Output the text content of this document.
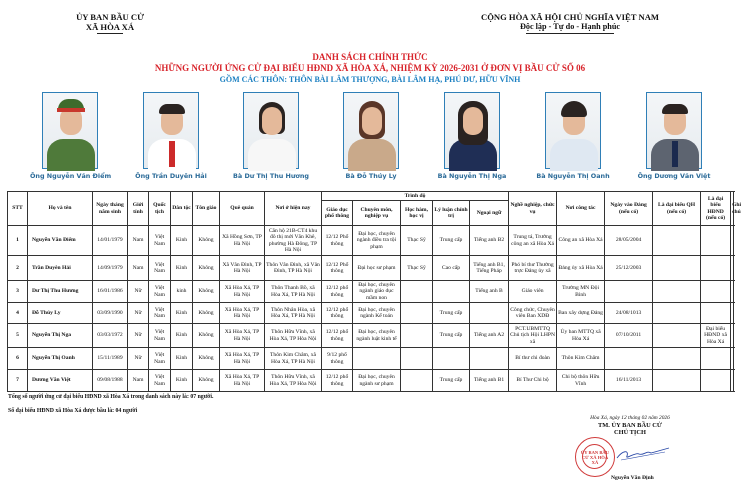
ỦY BAN BẦU CỬ
XÃ HÒA XÁ
CỘNG HÒA XÃ HỘI CHỦ NGHĨA VIỆT NAM
Độc lập - Tự do - Hạnh phúc
DANH SÁCH CHÍNH THỨC
NHỮNG NGƯỜI ỨNG CỬ ĐẠI BIỂU HĐND XÃ HÒA XÁ, NHIỆM KỲ 2026-2031 Ở ĐƠN VỊ BẦU CỬ SỐ 06
GỒM CÁC THÔN: THÔN BÀI LÂM THƯỢNG, BÀI LÂM HẠ, PHÚ DƯ, HỮU VĨNH
Ông Nguyễn Văn Điểm	Ông Trần Duyên Hải	Bà Dư Thị Thu Hương	Bà Đỗ Thúy Ly	Bà Nguyễn Thị Nga	Bà Nguyễn Thị Oanh	Ông Dương Văn Việt
STT	Họ và tên	Ngày tháng năm sinh	Giới tính	Quốc tịch	Dân tộc	Tôn giáo	Quê quán	Nơi ở hiện nay	Trình độ					Nghề nghiệp, chức vụ	Nơi công tác	Ngày vào Đảng (nếu có)	Là đại biểu QH (nếu có)	Là đại biểu HĐND (nếu có)	Ghi chú
									Giáo dục phổ thông	Chuyên môn, nghiệp vụ	Học hàm, học vị	Lý luận chính trị	Ngoại ngữ						
1	Nguyễn Văn Điểm	14/01/1979	Nam	Việt Nam	Kinh	Không	Xã Hồng Sơn, TP Hà Nội	Căn hộ 21B-CT4 khu đô thị mới Văn Khê, phường Hà Đông, TP Hà Nội	12/12 Phổ thông	Đại học, chuyên ngành điều tra tội phạm	Thạc Sỹ	Trung cấp	Tiếng anh B2	Trung tá, Trưởng công an xã Hòa Xá	Công an xã Hòa Xá	28/05/2004			
2	Trần Duyên Hải	14/09/1979	Nam	Việt Nam	Kinh	Không	Xã Vân Đình, TP Hà Nội	Thôn Vân Đình, xã Vân Đình, TP Hà Nội	12/12 Phổ thông	Đại học sư phạm	Thạc Sỹ	Cao cấp	Tiếng anh B1, Tiếng Pháp	Phó bí thư Thường trực Đảng ủy xã	Đảng ủy xã Hòa Xá	25/12/2003			
3	Dư Thị Thu Hương	16/01/1986	Nữ	Việt Nam	kinh	Không	Xã Hòa Xá, TP Hà Nội	Thôn Thanh Bồ, xã Hòa Xá, TP Hà Nội	12/12 phổ thông	Đại học, chuyên ngành giáo dục mầm non			Tiếng anh B	Giáo viên	Trường MN Đội Bình				
4	Đỗ Thúy Ly	03/09/1990	Nữ	Việt Nam	Kinh	Không	Xã Hòa Xá, TP Hà Nội	Thôn Nhân Hòa, xã Hòa Xá, TP Hà Nội	12/12 phổ thông	Đại học, chuyên ngành Kế toán		Trung cấp		Công chức, Chuyên viên Ban XDĐ	Ban xây dựng Đảng	24/08/1013			
5	Nguyễn Thị Nga	03/03/1972	Nữ	Việt Nam	Kinh	Không	Xã Hòa Xá, TP Hà Nội	Thôn Hữu Vĩnh, xã Hòa Xá, TP Hòa Nội	12/12 phổ thông	Đại học, chuyên ngành luật kinh tế		Trung cấp	Tiếng anh A2	PCT.UBMTTQ Chủ tịch Hội LHPN xã	Ủy ban MTTQ xã Hòa Xá	07/10/2011		Đại biểu HĐND xã Hòa Xá	
6	Nguyễn Thị Oanh	15/11/1989	Nữ	Việt Nam	Kinh	Không	Xã Hòa Xá, TP Hà Nội	Thôn Kim Châm, xã Hòa Xá, TP Hà Nội	9/12 phổ thông					Bí thư chi đoàn	Thôn Kim Châm				
7	Dương Văn Việt	09/08/1988	Nam	Việt Nam	Kinh	Không	Xã Hòa Xá, TP Hà Nội	Thôn Hữu Vĩnh, xã Hòa Xá, TP Hòa Nội	12/12 phổ thông	Đại học, chuyên ngành sư phạm		Trung cấp	Tiếng anh B1	Bí Thư Chi bộ	Chi bộ thôn Hữu Vĩnh	16/11/2013			
Tổng số người ứng cử đại biểu HĐND xã Hòa Xá trong danh sách này là: 07 người.
Số đại biểu HĐND xã Hòa Xá được bầu là: 04 người
Hòa Xá, ngày 12 tháng 02 năm 2026
TM. ỦY BAN BẦU CỬ
CHỦ TỊCH
Nguyễn Văn Định
ỦY BAN BẦU CỬ XÃ HÒA XÁ
